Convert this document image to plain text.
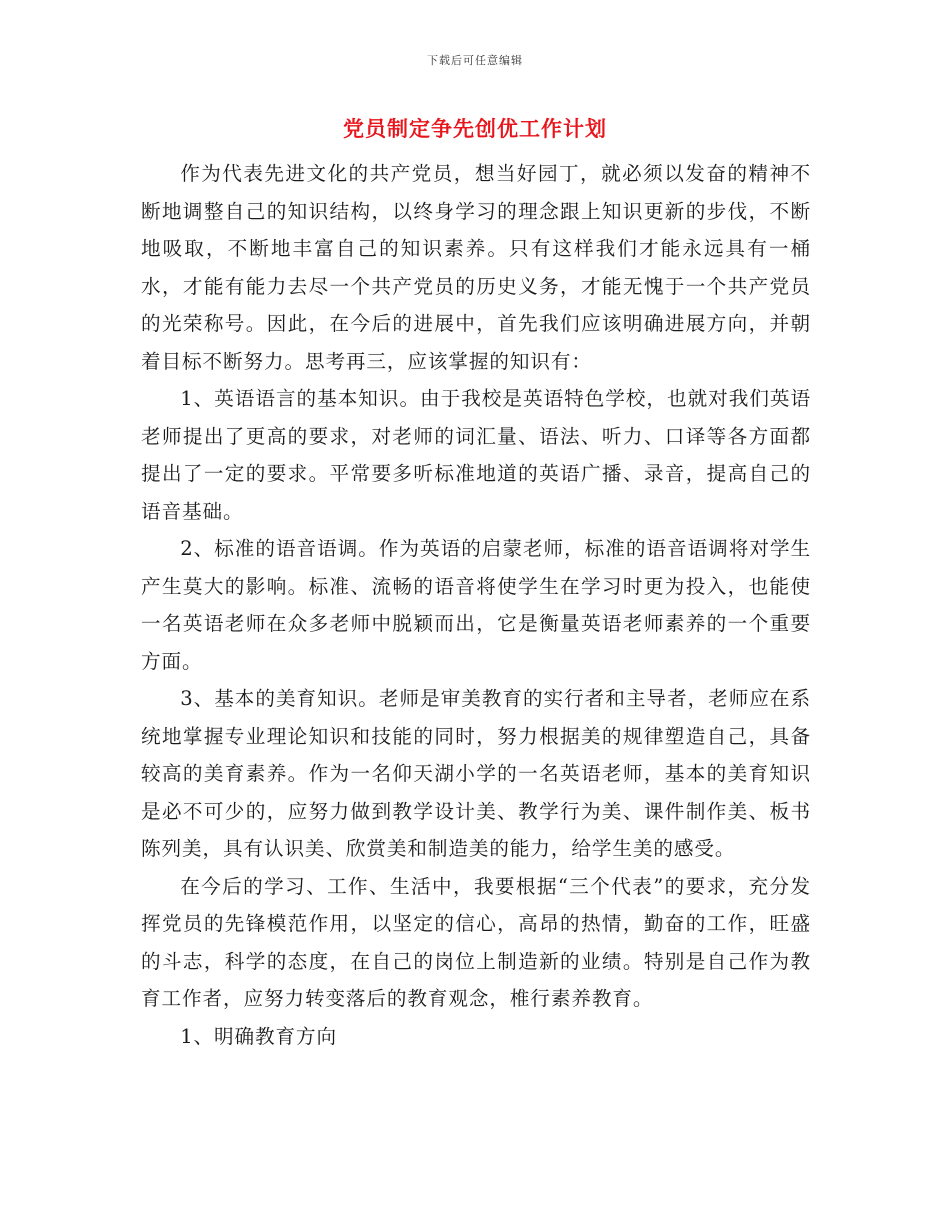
下载后可任意编辑
党员制定争先创优工作计划

作为代表先进文化的共产党员，想当好园丁，就必须以发奋的精神不断地调整自己的知识结构，以终身学习的理念跟上知识更新的步伐，不断地吸取，不断地丰富自己的知识素养。只有这样我们才能永远具有一桶水，才能有能力去尽一个共产党员的历史义务，才能无愧于一个共产党员的光荣称号。因此，在今后的进展中，首先我们应该明确进展方向，并朝着目标不断努力。思考再三，应该掌握的知识有：

1、英语语言的基本知识。由于我校是英语特色学校，也就对我们英语老师提出了更高的要求，对老师的词汇量、语法、听力、口译等各方面都提出了一定的要求。平常要多听标准地道的英语广播、录音，提高自己的语音基础。

2、标准的语音语调。作为英语的启蒙老师，标准的语音语调将对学生产生莫大的影响。标准、流畅的语音将使学生在学习时更为投入，也能使一名英语老师在众多老师中脱颖而出，它是衡量英语老师素养的一个重要方面。

3、基本的美育知识。老师是审美教育的实行者和主导者，老师应在系统地掌握专业理论知识和技能的同时，努力根据美的规律塑造自己，具备较高的美育素养。作为一名仰天湖小学的一名英语老师，基本的美育知识是必不可少的，应努力做到教学设计美、教学行为美、课件制作美、板书陈列美，具有认识美、欣赏美和制造美的能力，给学生美的感受。

在今后的学习、工作、生活中，我要根据“三个代表”的要求，充分发挥党员的先锋模范作用，以坚定的信心，高昂的热情，勤奋的工作，旺盛的斗志，科学的态度，在自己的岗位上制造新的业绩。特别是自己作为教育工作者，应努力转变落后的教育观念，椎行素养教育。

1、明确教育方向
